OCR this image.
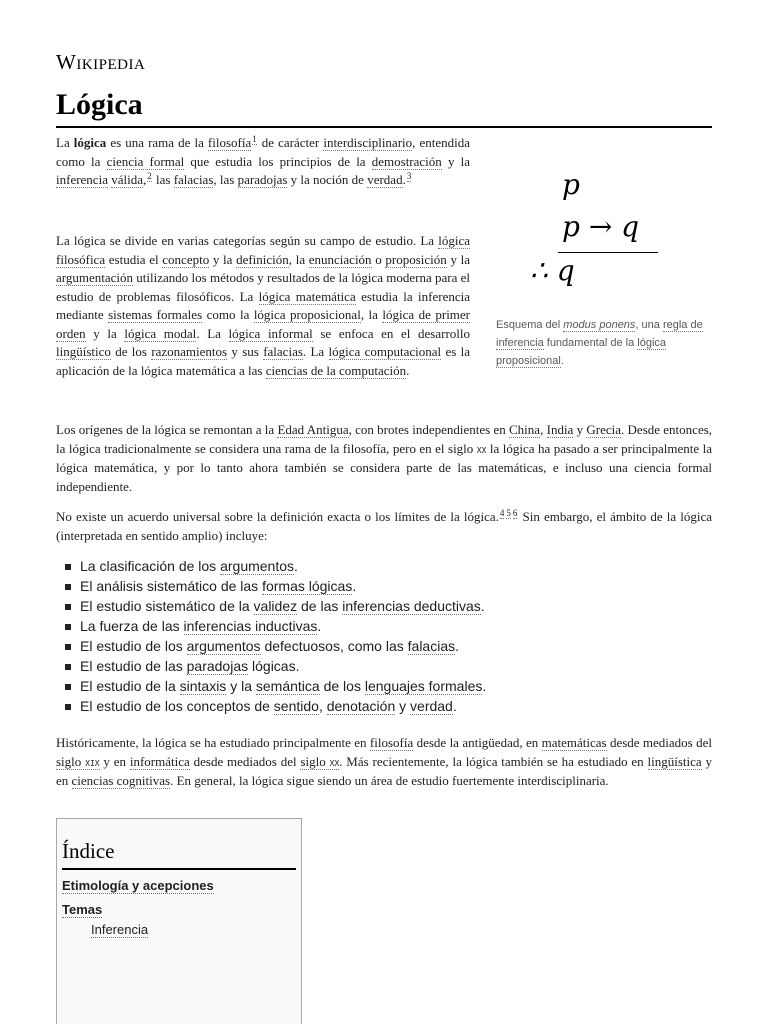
Wikipedia
Lógica

La lógica es una rama de la filosofía$^1$ de carácter interdisciplinario, entendida como la ciencia formal que estudia los principios de la demostración y la inferencia válida,$^2$ las falacias, las paradojas y la noción de verdad.$^3$

La lógica se divide en varias categorías según su campo de estudio. La lógica filosófica estudia el concepto y la definición, la enunciación o proposición y la argumentación utilizando los métodos y resultados de la lógica moderna para el estudio de problemas filosóficos. La lógica matemática estudia la inferencia mediante sistemas formales como la lógica proposicional, la lógica de primer orden y la lógica modal. La lógica informal se enfoca en el desarrollo lingüístico de los razonamientos y sus falacias. La lógica computacional es la aplicación de la lógica matemática a las ciencias de la computación.

p
p → q
∴ q
Esquema del modus ponens, una regla de inferencia fundamental de la lógica proposicional.

Los orígenes de la lógica se remontan a la Edad Antigua, con brotes independientes en China, India y Grecia. Desde entonces, la lógica tradicionalmente se considera una rama de la filosofía, pero en el siglo xx la lógica ha pasado a ser principalmente la lógica matemática, y por lo tanto ahora también se considera parte de las matemáticas, e incluso una ciencia formal independiente.

No existe un acuerdo universal sobre la definición exacta o los límites de la lógica.$^4$ $^5$ $^6$ Sin embargo, el ámbito de la lógica (interpretada en sentido amplio) incluye:

La clasificación de los argumentos.
El análisis sistemático de las formas lógicas.
El estudio sistemático de la validez de las inferencias deductivas.
La fuerza de las inferencias inductivas.
El estudio de los argumentos defectuosos, como las falacias.
El estudio de las paradojas lógicas.
El estudio de la sintaxis y la semántica de los lenguajes formales.
El estudio de los conceptos de sentido, denotación y verdad.

Históricamente, la lógica se ha estudiado principalmente en filosofía desde la antigüedad, en matemáticas desde mediados del siglo xix y en informática desde mediados del siglo xx. Más recientemente, la lógica también se ha estudiado en lingüística y en ciencias cognitivas. En general, la lógica sigue siendo un área de estudio fuertemente interdisciplinaria.

Índice
Etimología y acepciones
Temas
Inferencia
